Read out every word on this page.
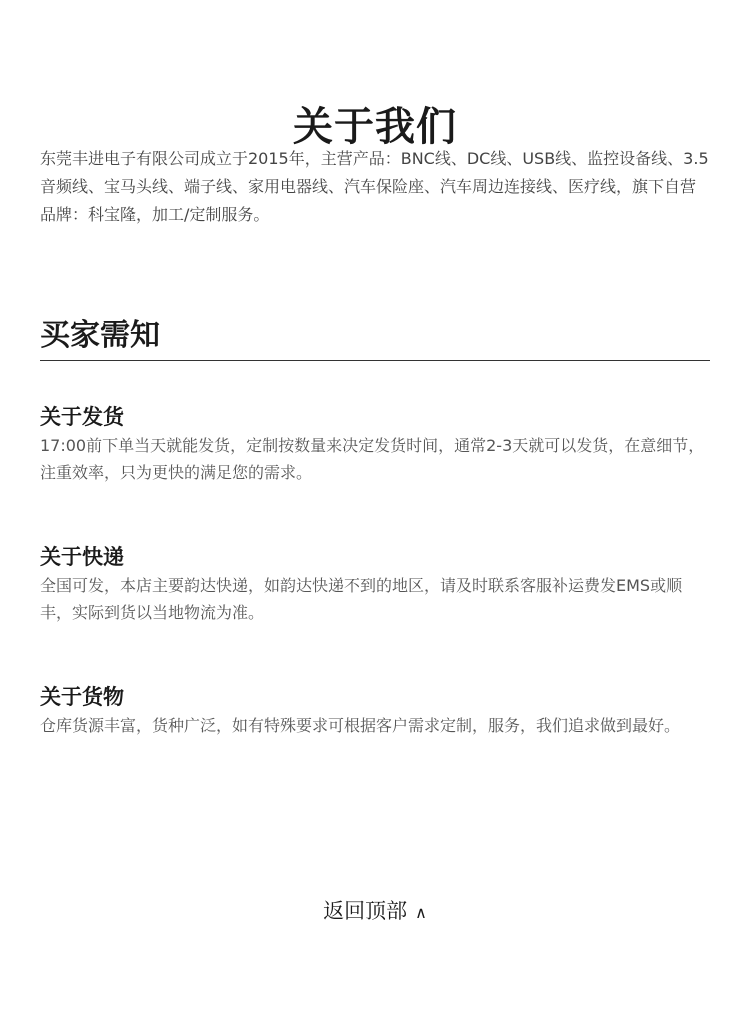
关于我们

东莞丰进电子有限公司成立于2015年，主营产品：BNC线、DC线、USB线、监控设备线、3.5音频线、宝马头线、端子线、家用电器线、汽车保险座、汽车周边连接线、医疗线，旗下自营品牌：科宝隆，加工/定制服务。

买家需知
关于发货

17:00前下单当天就能发货，定制按数量来决定发货时间，通常2-3天就可以发货，在意细节，注重效率，只为更快的满足您的需求。

关于快递

全国可发，本店主要韵达快递，如韵达快递不到的地区，请及时联系客服补运费发EMS或顺丰，实际到货以当地物流为准。

关于货物

仓库货源丰富，货种广泛，如有特殊要求可根据客户需求定制，服务，我们追求做到最好。

返回顶部 ∧
